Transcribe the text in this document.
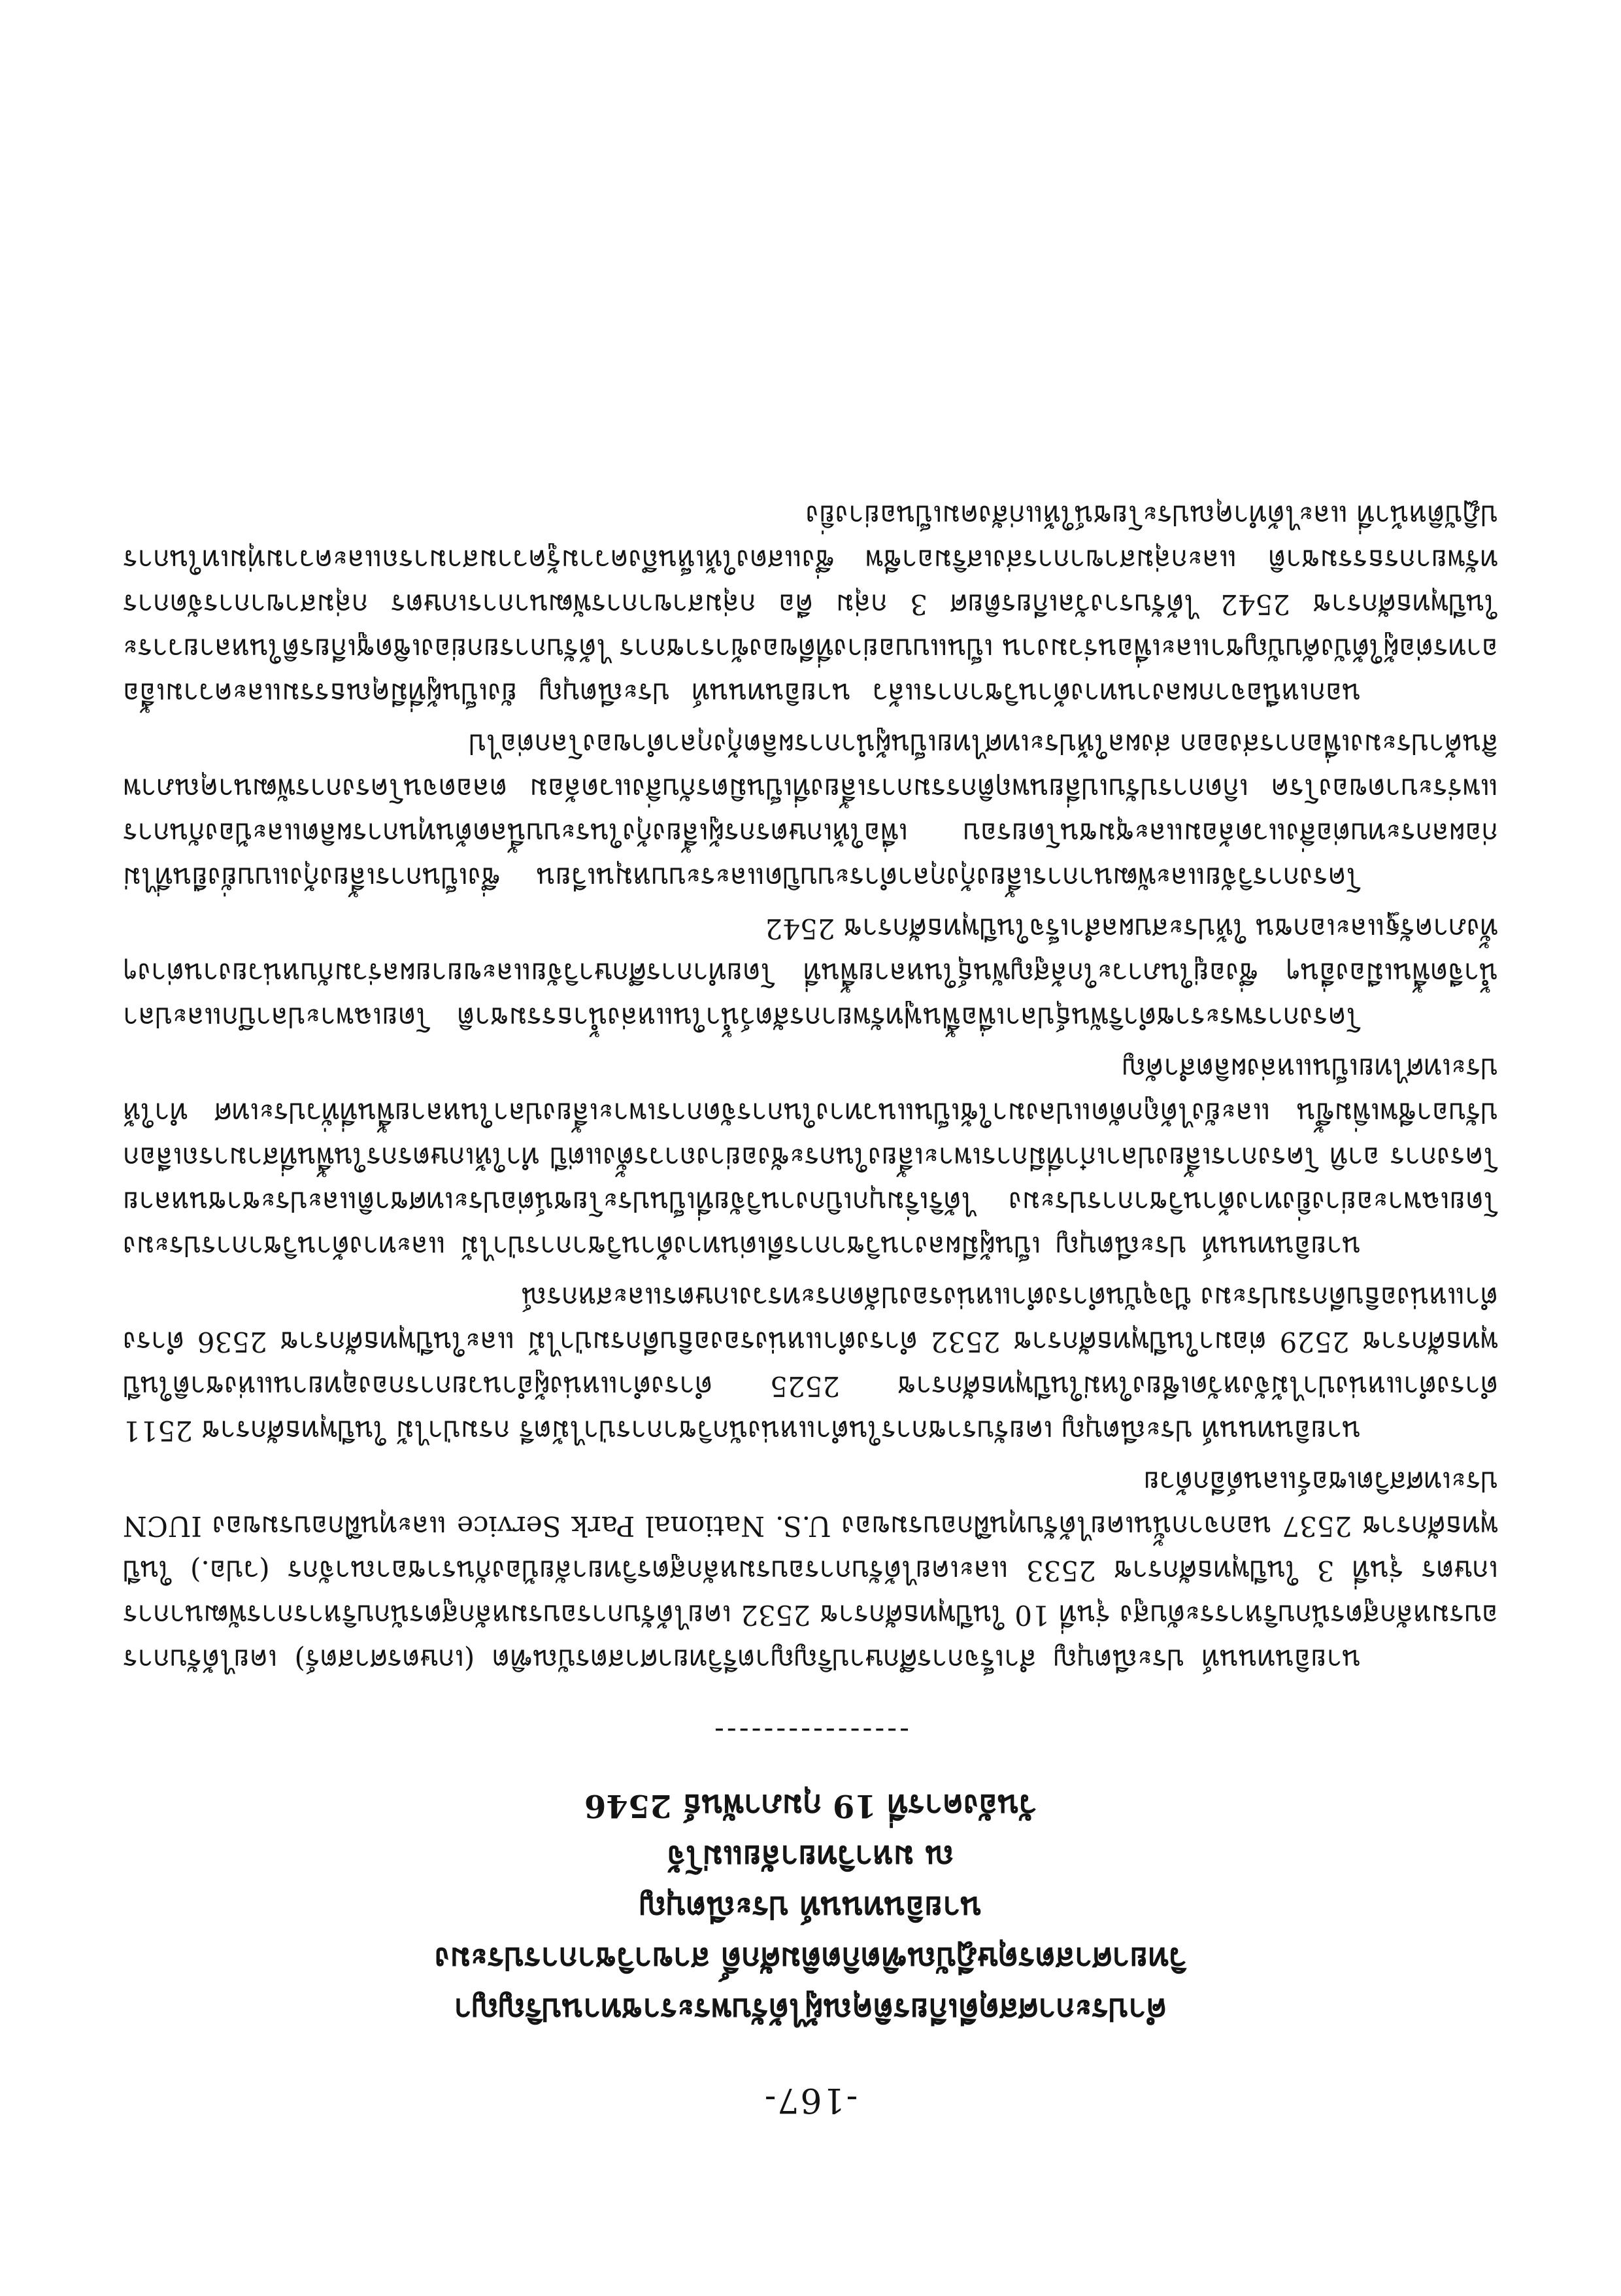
-167-
คำประกาศสดุดีเกียรติคุณผู้ได้รับพระราชทานปริญญา
วิทยาศาสตรดุษฎีบัณฑิตกิตติมศักดิ์ สาขาวิชาการประมง
นายอินทนนท์ ประณีตบุญ
ณ มหาวิทยาลัยแม่โจ้
วันอังคารที่ 19 กุมภาพันธ์ 2546
----------------

นายอินทนนท์ ประณีตบุญ สำเร็จการศึกษาปริญญาตรีวิทยาศาสตรบัณฑิต (เกษตรศาสตร์) เคยได้รับการอบรมหลักสูตรนักบริหารระดับสูง รุ่นที่ 10 ในปีพุทธศักราช 2532 เคยได้รับการอบรมหลักสูตรนักบริหารการพัฒนาการเกษตร รุ่นที่ 3 ในปีพุทธศักราช 2533 และเคยได้รับการอบรมหลักสูตรวิทยาลัยป้องกันราชอาณาจักร (วปอ.) ในปีพุทธศักราช 2537 นอกจากนั้นเคยได้รับทุนฝึกอบรมของ U.S. National Park Service และทุนฝึกอบรมของ IUCN ประเทศสวิตเซอร์แลนด์อีกด้วย

นายอินทนนท์ ประณีตบุญ เคยรับราชการในตำแหน่งนักวิชาการป่าไม้ตรี กรมป่าไม้ ในปีพุทธศักราช 2511 ดำรงตำแหน่งป่าไม้จังหวัดเชียงใหม่ในปีพุทธศักราช 2525 ดำรงตำแหน่งผู้อำนวยการกองอุทยานแห่งชาติในปีพุทธศักราช 2529 ต่อมาในปีพุทธศักราช 2532 ดำรงตำแหน่งรองอธิบดีกรมป่าไม้ และในปีพุทธศักราช 2536 ดำรงตำแหน่งอธิบดีกรมประมง ปัจจุบันดำรงตำแหน่งรองปลัดกระทรวงเกษตรและสหกรณ์

นายอินทนนท์ ประณีตบุญ เป็นผู้มีผลงานวิชาการดีเด่นทางด้านวิชาการป่าไม้ และทางด้านวิชาการประมง โดยเฉพาะอย่างยิ่งทางด้านวิชาการประมง ได้ริเริ่มบุกเบิกงานวิจัยที่เป็นประโยชน์ต่อประเทศชาติและประชาชนหลายโครงการ อาทิ โครงการเลี้ยงปลาเก๋าที่มีการเพาะเลี้ยงในกระชังอย่างถาวรตั้งแต่ปี ทำให้เกษตรกรในพื้นที่สามารถเลือกปรับอาชีพเพิ่มขึ้น และยังได้ถูกดัดแปลงมาใช้เป็นแนวทางในการจัดการเพาะเลี้ยงปลาในหลายพื้นที่ทั่วประเทศ ทำให้ประเทศไทยเป็นแหล่งผลิตสำคัญ

โครงการพระราชดำริพันธุ์ปลาเพื่อฟื้นฟูทรัพยากรสัตว์น้ำในแหล่งน้ำธรรมชาติ โดยเฉพาะปลาบึกและปลาน้ำจืดพื้นเมืองอื่นๆ ซึ่งอยู่ในภาวะใกล้สูญพันธุ์ในหลายพื้นที่ โดยทำการศึกษาวิจัยและขยายผลร่วมกับหน่วยงานต่างๆ ทั้งภาครัฐและเอกชน ให้ประสบผลสำเร็จในปีพุทธศักราช 2542

โครงการวิจัยและพัฒนาการเลี้ยงกุ้งกุลาดำระบบปิดและระบบหมุนเวียน ซึ่งเป็นการเลี้ยงกุ้งแบบยั่งยืนที่ไม่ก่อผลกระทบต่อสิ่งแวดล้อมและชุมชนโดยรอบ เพื่อให้เกษตรกรผู้เลี้ยงกุ้งในระบบนี้ลดต้นทุนการผลิตและป้องกันการแพร่ระบาดของโรค เกิดการปรับเปลี่ยนพฤติกรรมการเลี้ยงที่เป็นมิตรกับสิ่งแวดล้อม ตลอดจนโครงการพัฒนาคุณภาพสินค้าประมงเพื่อการส่งออก ส่งผลให้ประเทศไทยเป็นผู้นำการผลิตกุ้งกุลาดำของโลกต่อไป

นอกเหนือจากผลงานทางด้านวิชาการแล้ว นายอินทนนท์ ประณีตบุญ ยังเป็นผู้ที่มีคุณธรรมและความเอื้ออาทรต่อผู้ใต้บังคับบัญชาและเพื่อนร่วมงาน เป็นแบบอย่างที่ดีของข้าราชการ ได้รับการยกย่องเชิดชูเกียรติในหลายวาระ ในปีพุทธศักราช 2542 ได้รับรางวัลเกียรติยศ 3 กลุ่ม คือ กลุ่มสาขาการพัฒนาการเกษตร กลุ่มสาขาการจัดการทรัพยากรธรรมชาติ และกลุ่มสาขาการส่งเสริมอาชีพ ซึ่งแสดงให้เห็นถึงความรู้ความสามารถและความทุ่มเทในการปฏิบัติหน้าที่ และได้ทำคุณประโยชน์ให้แก่สังคมเป็นอย่างยิ่ง
